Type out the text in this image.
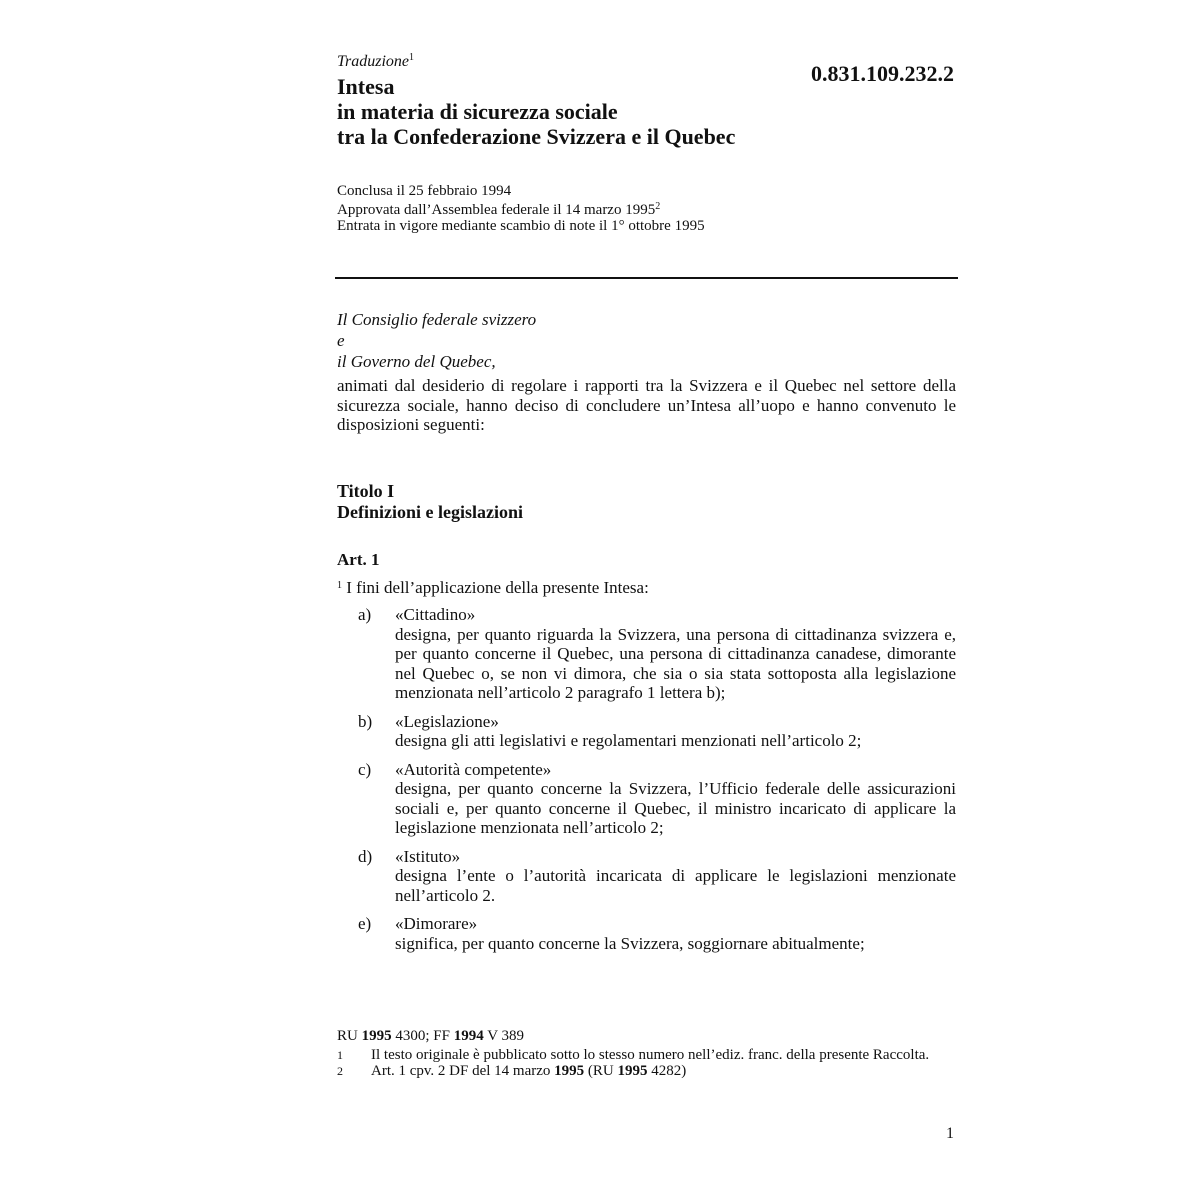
Traduzione$^1$
0.831.109.232.2
Intesa
in materia di sicurezza sociale
tra la Confederazione Svizzera e il Quebec
Conclusa il 25 febbraio 1994
Approvata dall’Assemblea federale il 14 marzo 1995$^2$
Entrata in vigore mediante scambio di note il 1° ottobre 1995
Il Consiglio federale svizzero
e
il Governo del Quebec,
animati dal desiderio di regolare i rapporti tra la Svizzera e il Quebec nel settore della sicurezza sociale, hanno deciso di concludere un’Intesa all’uopo e hanno convenuto le disposizioni seguenti:
Titolo I
Definizioni e legislazioni
Art. 1
$^1$ I fini dell’applicazione della presente Intesa:
a)	«Cittadino»
designa, per quanto riguarda la Svizzera, una persona di cittadinanza svizzera e, per quanto concerne il Quebec, una persona di cittadinanza canadese, dimorante nel Quebec o, se non vi dimora, che sia o sia stata sottoposta alla legislazione menzionata nell’articolo 2 paragrafo 1 lettera b);
b)	«Legislazione»
designa gli atti legislativi e regolamentari menzionati nell’articolo 2;
c)	«Autorità competente»
designa, per quanto concerne la Svizzera, l’Ufficio federale delle assicurazioni sociali e, per quanto concerne il Quebec, il ministro incaricato di applicare la legislazione menzionata nell’articolo 2;
d)	«Istituto»
designa l’ente o l’autorità incaricata di applicare le legislazioni menzionate nell’articolo 2.
e)	«Dimorare»
significa, per quanto concerne la Svizzera, soggiornare abitualmente;
RU 1995 4300; FF 1994 V 389
1	Il testo originale è pubblicato sotto lo stesso numero nell’ediz. franc. della presente Raccolta.
2	Art. 1 cpv. 2 DF del 14 marzo 1995 (RU 1995 4282)
1
